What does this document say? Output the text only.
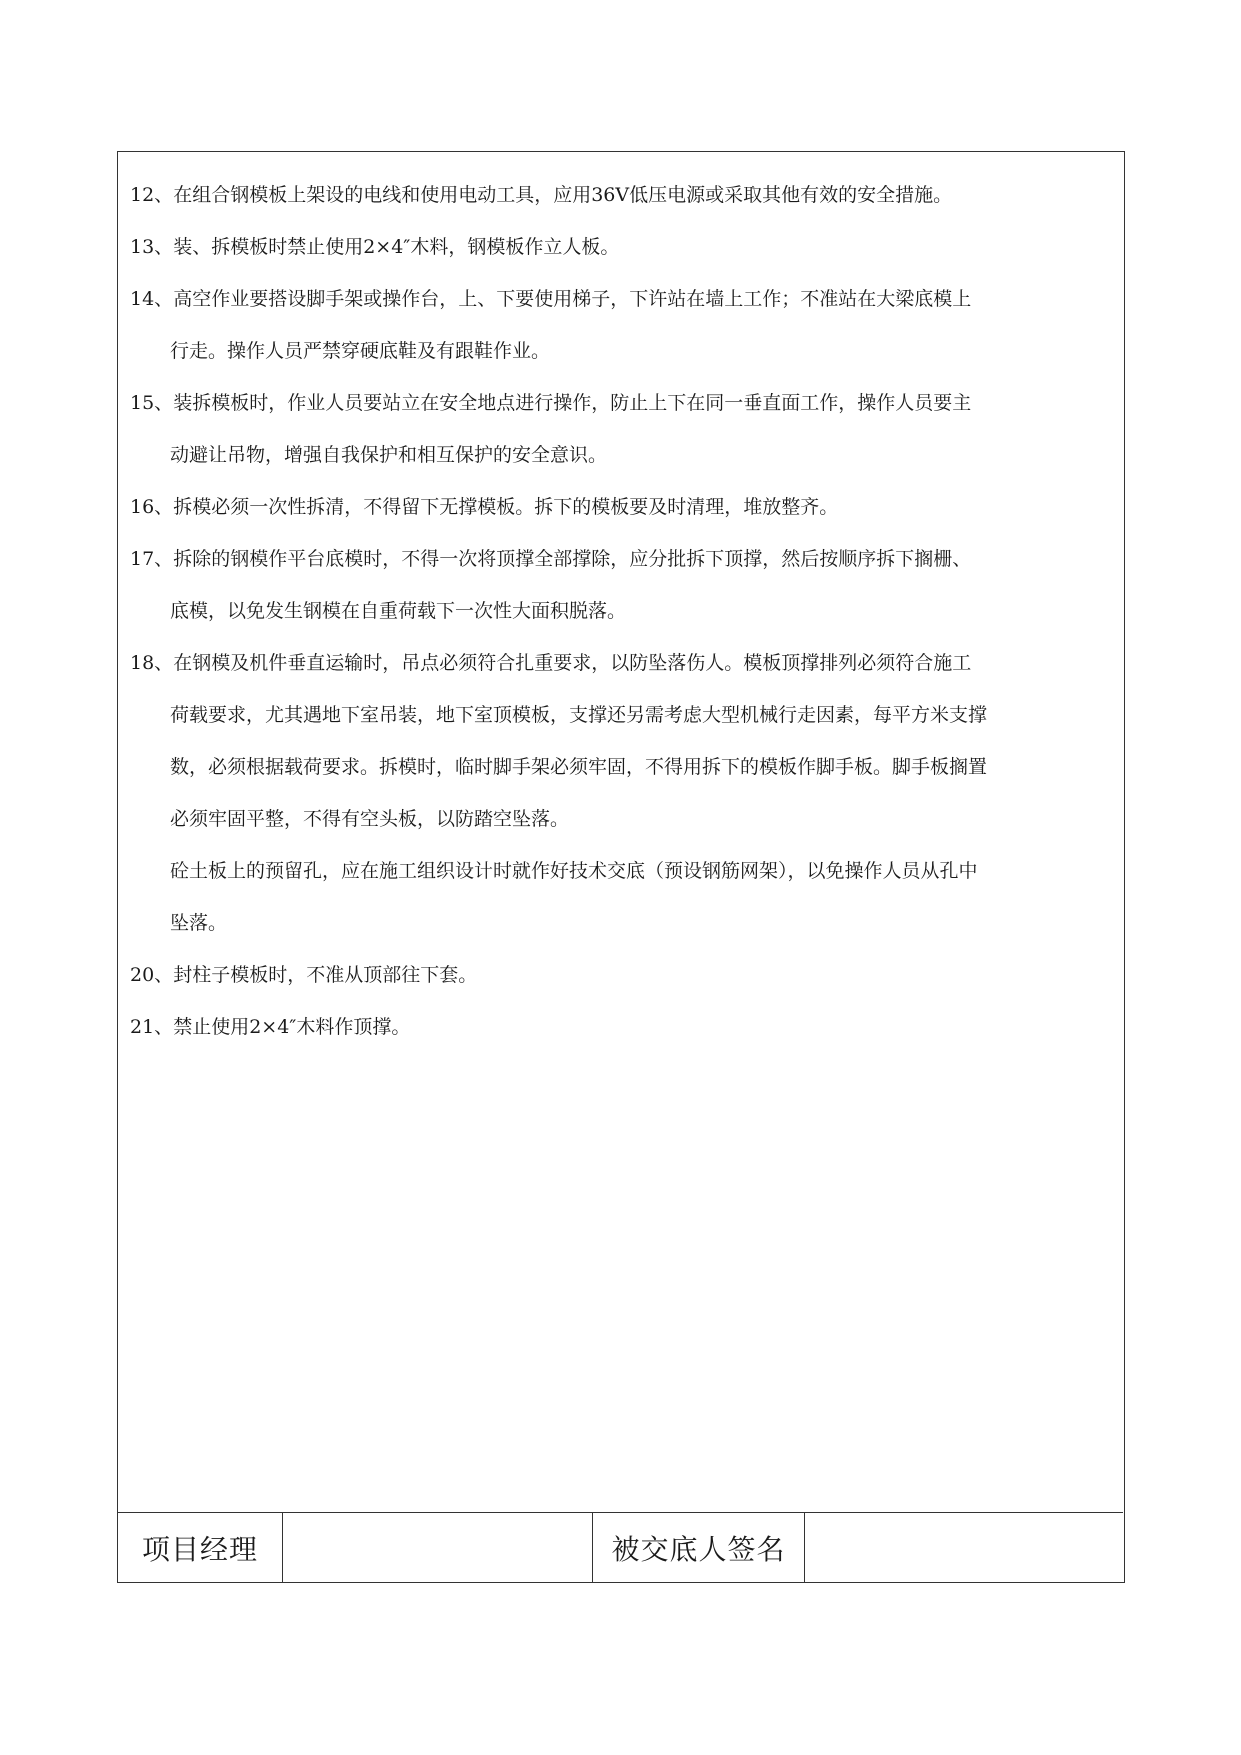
12、在组合钢模板上架设的电线和使用电动工具，应用36V低压电源或采取其他有效的安全措施。

13、装、拆模板时禁止使用2×4″木料，钢模板作立人板。

14、高空作业要搭设脚手架或操作台，上、下要使用梯子，下许站在墙上工作；不准站在大梁底模上
行走。操作人员严禁穿硬底鞋及有跟鞋作业。

15、装拆模板时，作业人员要站立在安全地点进行操作，防止上下在同一垂直面工作，操作人员要主
动避让吊物，增强自我保护和相互保护的安全意识。

16、拆模必须一次性拆清，不得留下无撑模板。拆下的模板要及时清理，堆放整齐。

17、拆除的钢模作平台底模时，不得一次将顶撑全部撑除，应分批拆下顶撑，然后按顺序拆下搁栅、
底模，以免发生钢模在自重荷载下一次性大面积脱落。

18、在钢模及机件垂直运输时，吊点必须符合扎重要求，以防坠落伤人。模板顶撑排列必须符合施工
荷载要求，尤其遇地下室吊装，地下室顶模板，支撑还另需考虑大型机械行走因素，每平方米支撑
数，必须根据载荷要求。拆模时，临时脚手架必须牢固，不得用拆下的模板作脚手板。脚手板搁置
必须牢固平整，不得有空头板，以防踏空坠落。

砼土板上的预留孔，应在施工组织设计时就作好技术交底（预设钢筋网架），以免操作人员从孔中
坠落。

20、封柱子模板时，不准从顶部往下套。

21、禁止使用2×4″木料作顶撑。

项目经理	被交底人签名
